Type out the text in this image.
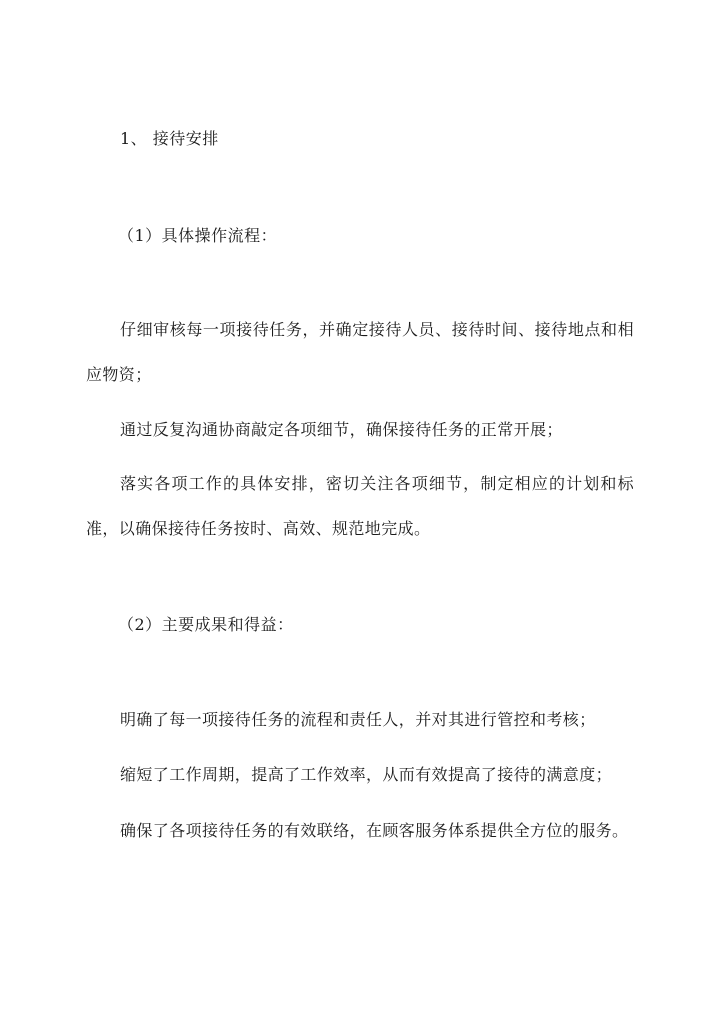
1、 接待安排
（1）具体操作流程：
仔细审核每一项接待任务，并确定接待人员、接待时间、接待地点和相应物资；
通过反复沟通协商敲定各项细节，确保接待任务的正常开展；
落实各项工作的具体安排，密切关注各项细节，制定相应的计划和标准，以确保接待任务按时、高效、规范地完成。
（2）主要成果和得益：
明确了每一项接待任务的流程和责任人，并对其进行管控和考核；
缩短了工作周期，提高了工作效率，从而有效提高了接待的满意度；
确保了各项接待任务的有效联络，在顾客服务体系提供全方位的服务。
